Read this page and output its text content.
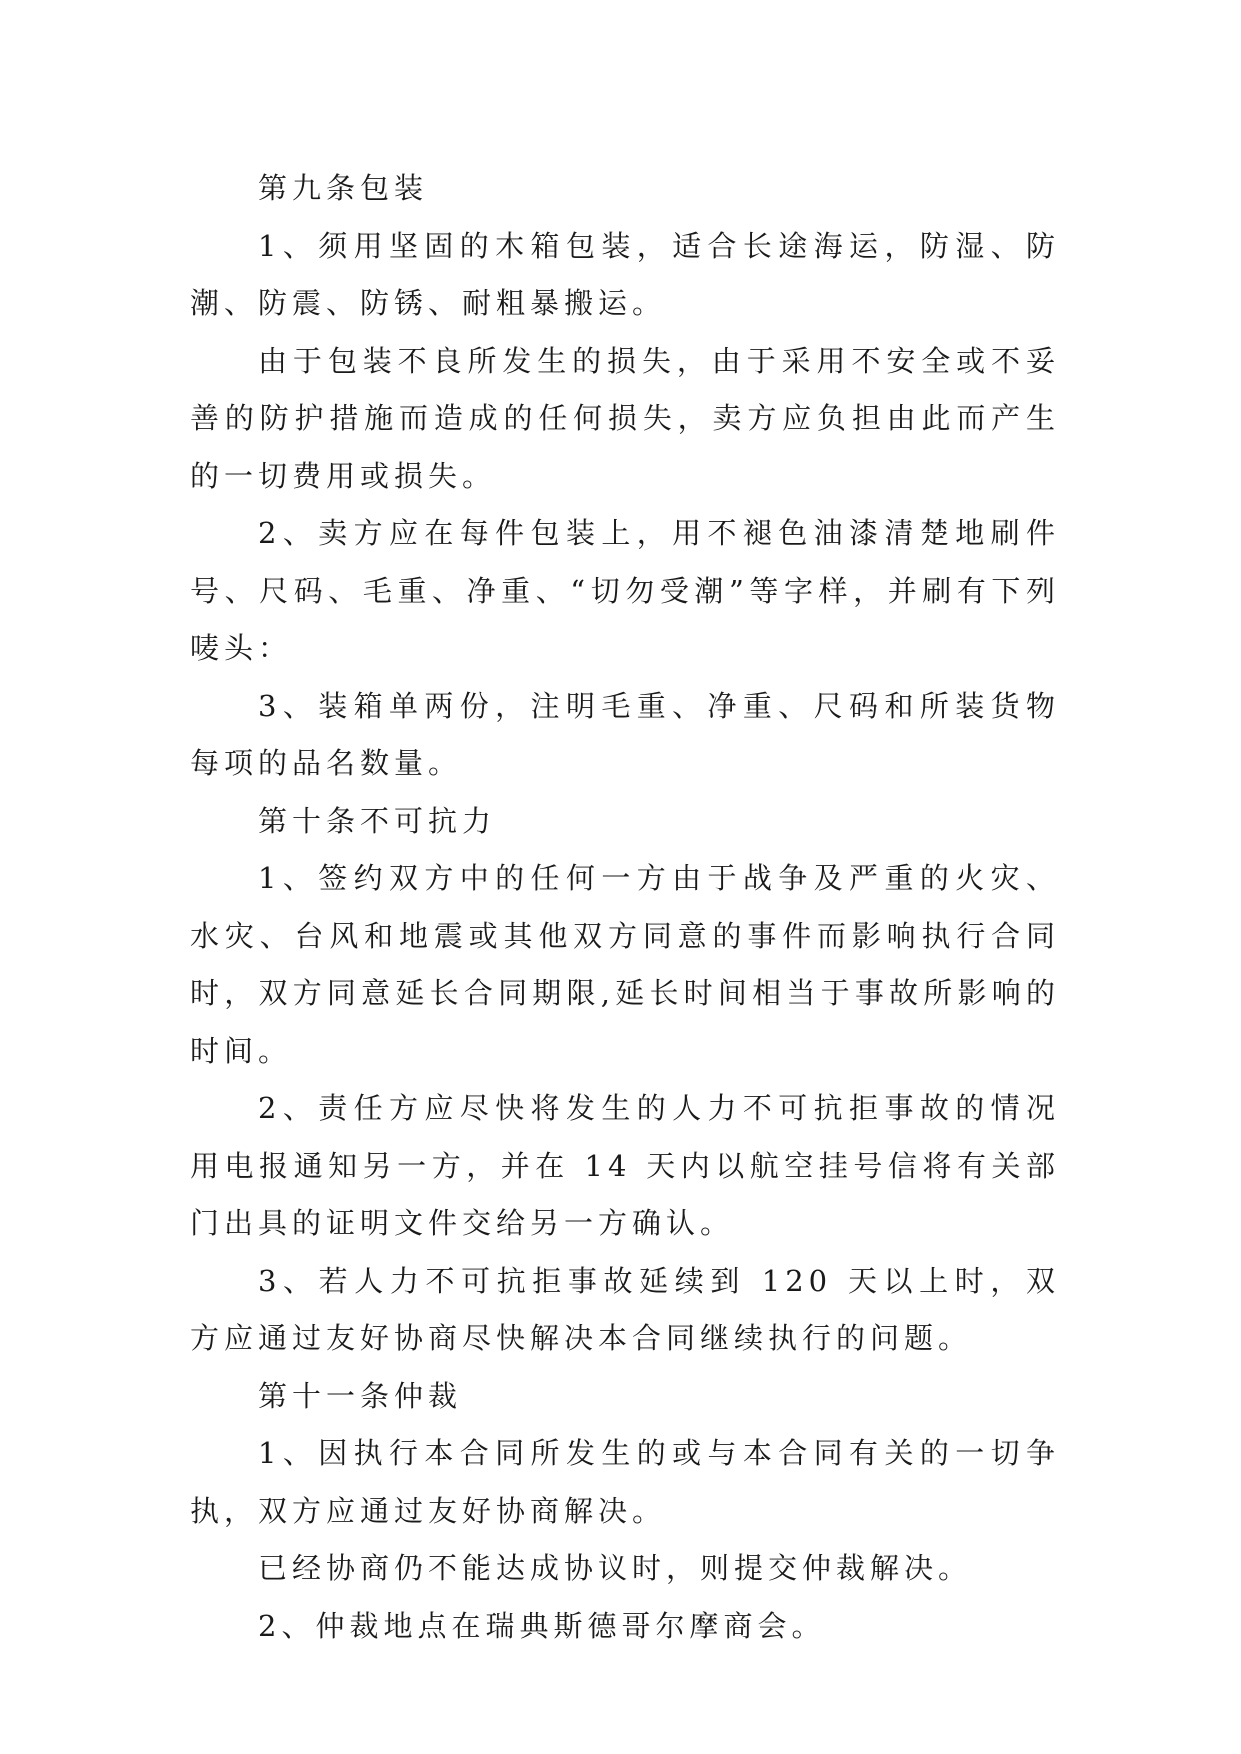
第九条包装

1、须用坚固的木箱包装，适合长途海运，防湿、防潮、防震、防锈、耐粗暴搬运。

由于包装不良所发生的损失，由于采用不安全或不妥善的防护措施而造成的任何损失，卖方应负担由此而产生的一切费用或损失。

2、卖方应在每件包装上，用不褪色油漆清楚地刷件号、尺码、毛重、净重、“切勿受潮”等字样，并刷有下列唛头：

3、装箱单两份，注明毛重、净重、尺码和所装货物每项的品名数量。

第十条不可抗力

1、签约双方中的任何一方由于战争及严重的火灾、水灾、台风和地震或其他双方同意的事件而影响执行合同时，双方同意延长合同期限,延长时间相当于事故所影响的时间。

2、责任方应尽快将发生的人力不可抗拒事故的情况用电报通知另一方，并在 14 天内以航空挂号信将有关部门出具的证明文件交给另一方确认。

3、若人力不可抗拒事故延续到 120 天以上时，双方应通过友好协商尽快解决本合同继续执行的问题。

第十一条仲裁

1、因执行本合同所发生的或与本合同有关的一切争执，双方应通过友好协商解决。

已经协商仍不能达成协议时，则提交仲裁解决。

2、仲裁地点在瑞典斯德哥尔摩商会。
